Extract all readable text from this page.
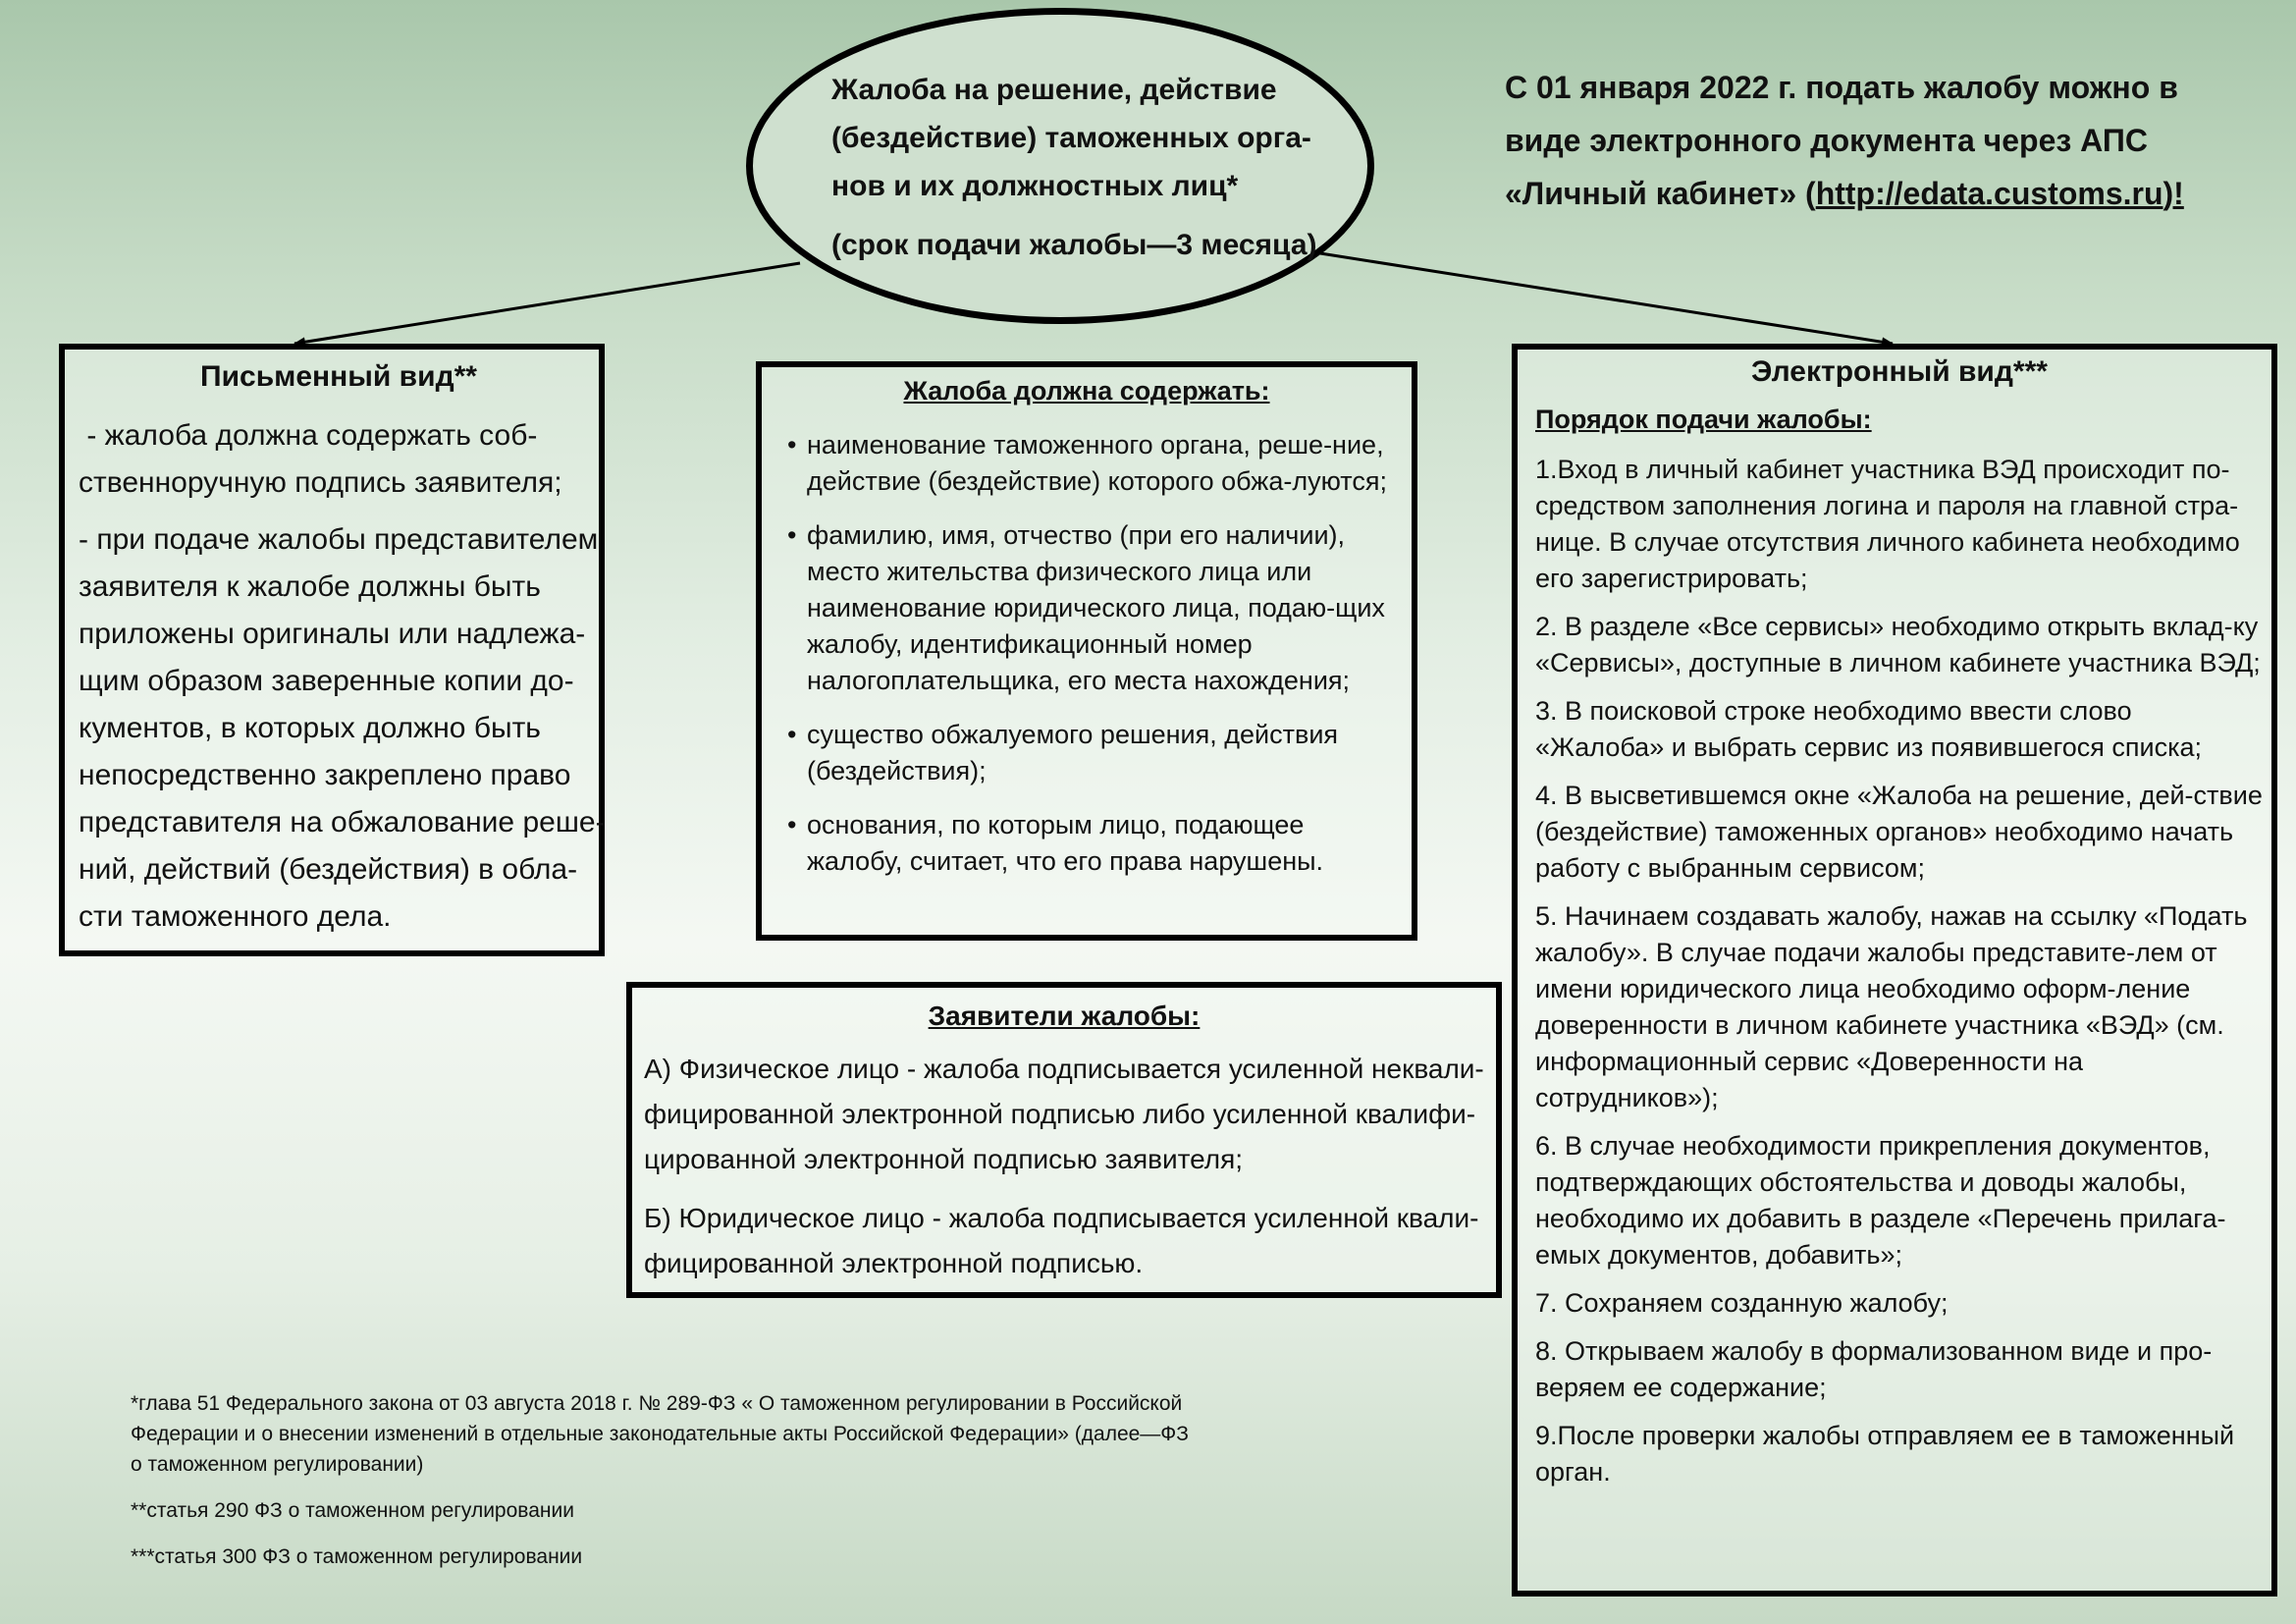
Жалоба на решение, действие
(бездействие) таможенных орга-
нов и их должностных лиц*
(срок подачи жалобы—3 месяца)
С 01 января 2022 г. подать жалобу можно в
виде электронного документа через АПС
«Личный кабинет» (http://edata.customs.ru)!
Письменный вид**

- жалоба должна содержать соб-
ственноручную подпись заявителя;

- при подаче жалобы представителем
заявителя к жалобе должны быть
приложены оригиналы или надлежа-
щим образом заверенные копии до-
кументов, в которых должно быть
непосредственно закреплено право
представителя на обжалование реше-
ний, действий (бездействия) в обла-
сти таможенного дела.

Жалоба должна содержать:
• наименование таможенного органа, реше-ние, действие (бездействие) которого обжа-луются;
• фамилию, имя, отчество (при его наличии), место жительства физического лица или наименование юридического лица, подаю-щих жалобу, идентификационный номер налогоплательщика, его места нахождения;
• существо обжалуемого решения, действия (бездействия);
• основания, по которым лицо, подающее жалобу, считает, что его права нарушены.
Заявители жалобы:

А) Физическое лицо - жалоба подписывается усиленной неквали-фицированной электронной подписью либо усиленной квалифи-цированной электронной подписью заявителя;

Б) Юридическое лицо - жалоба подписывается усиленной квали-фицированной электронной подписью.

Электронный вид***
Порядок подачи жалобы:

1.Вход в личный кабинет участника ВЭД происходит по-средством заполнения логина и пароля на главной стра-нице. В случае отсутствия личного кабинета необходимо его зарегистрировать;

2. В разделе «Все сервисы» необходимо открыть вклад-ку «Сервисы», доступные в личном кабинете участника ВЭД;

3. В поисковой строке необходимо ввести слово «Жалоба» и выбрать сервис из появившегося списка;

4. В высветившемся окне «Жалоба на решение, дей-ствие (бездействие) таможенных органов» необходимо начать работу с выбранным сервисом;

5. Начинаем создавать жалобу, нажав на ссылку «Подать жалобу». В случае подачи жалобы представите-лем от имени юридического лица необходимо оформ-ление доверенности в личном кабинете участника «ВЭД» (см. информационный сервис «Доверенности на сотрудников»);

6. В случае необходимости прикрепления документов, подтверждающих обстоятельства и доводы жалобы, необходимо их добавить в разделе «Перечень прилага-емых документов, добавить»;

7. Сохраняем созданную жалобу;

8. Открываем жалобу в формализованном виде и про-веряем ее содержание;

9.После проверки жалобы отправляем ее в таможенный орган.

*глава 51 Федерального закона от 03 августа 2018 г. № 289-ФЗ « О таможенном регулировании в Российской Федерации и о внесении изменений в отдельные законодательные акты Российской Федерации» (далее—ФЗ о таможенном регулировании)

**статья 290 ФЗ о таможенном регулировании

***статья 300 ФЗ о таможенном регулировании
